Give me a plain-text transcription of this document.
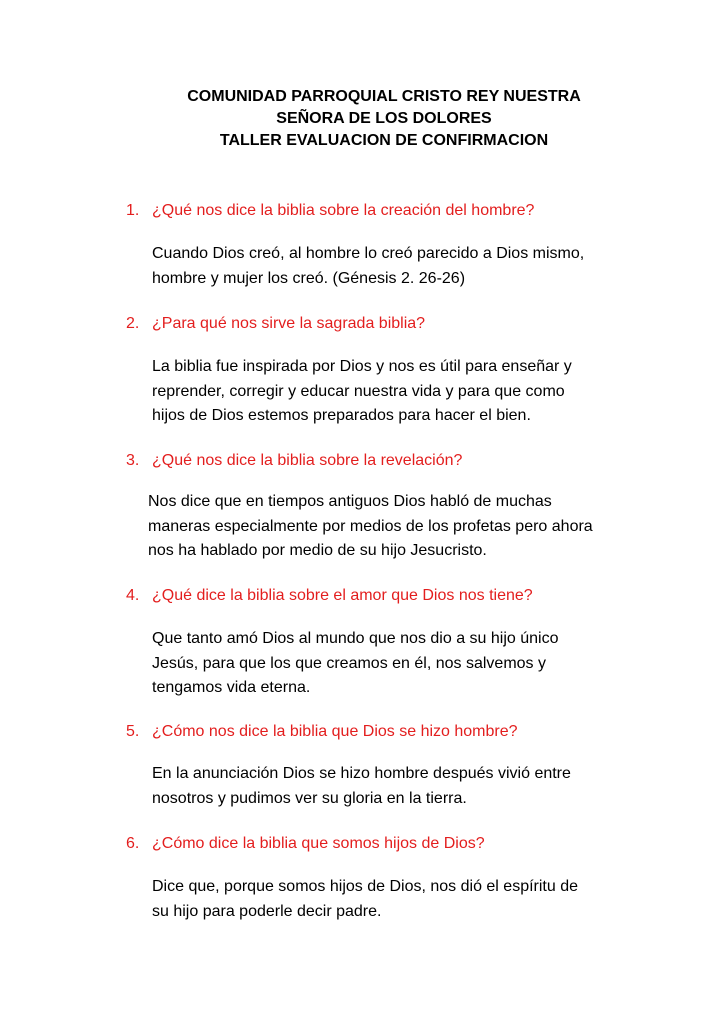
COMUNIDAD PARROQUIAL CRISTO REY NUESTRA
SEÑORA DE LOS DOLORES
TALLER EVALUACION DE CONFIRMACION
1. ¿Qué nos dice la biblia sobre la creación del hombre?
Cuando Dios creó, al hombre lo creó parecido a Dios mismo,
hombre y mujer los creó. (Génesis 2. 26-26)
2. ¿Para qué nos sirve la sagrada biblia?
La biblia fue inspirada por Dios y nos es útil para enseñar y
reprender, corregir y educar nuestra vida y para que como
hijos de Dios estemos preparados para hacer el bien.
3. ¿Qué nos dice la biblia sobre la revelación?
Nos dice que en tiempos antiguos Dios habló de muchas
maneras especialmente por medios de los profetas pero ahora
nos ha hablado por medio de su hijo Jesucristo.
4. ¿Qué dice la biblia sobre el amor que Dios nos tiene?
Que tanto amó Dios al mundo que nos dio a su hijo único
Jesús, para que los que creamos en él, nos salvemos y
tengamos vida eterna.
5. ¿Cómo nos dice la biblia que Dios se hizo hombre?
En la anunciación Dios se hizo hombre después vivió entre
nosotros y pudimos ver su gloria en la tierra.
6. ¿Cómo dice la biblia que somos hijos de Dios?
Dice que, porque somos hijos de Dios, nos dió el espíritu de
su hijo para poderle decir padre.
